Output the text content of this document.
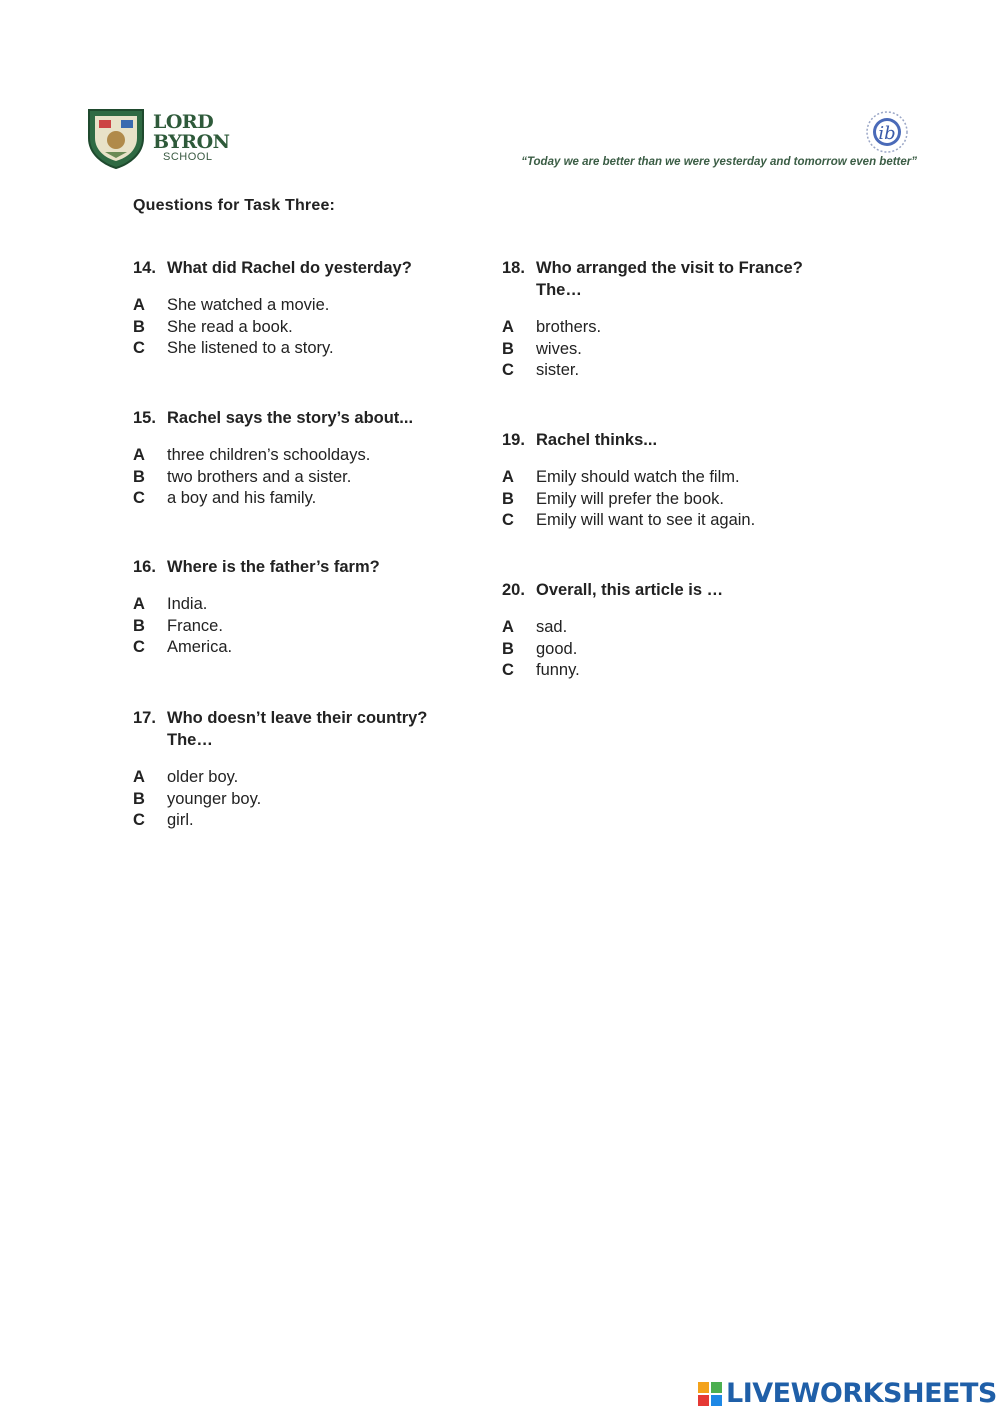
LORD
BYRON
SCHOOL
ib
“Today we are better than we were yesterday and tomorrow even better”
Questions for Task Three:
14. What did Rachel do yesterday?
A She watched a movie.
B She read a book.
C She listened to a story.
15. Rachel says the story’s about...
A three children’s schooldays.
B two brothers and a sister.
C a boy and his family.
16. Where is the father’s farm?
A India.
B France.
C America.
17. Who doesn’t leave their country?
The…
A older boy.
B younger boy.
C girl.
18. Who arranged the visit to France?
The…
A brothers.
B wives.
C sister.
19. Rachel thinks...
A Emily should watch the film.
B Emily will prefer the book.
C Emily will want to see it again.
20. Overall, this article is …
A sad.
B good.
C funny.
LIVEWORKSHEETS
